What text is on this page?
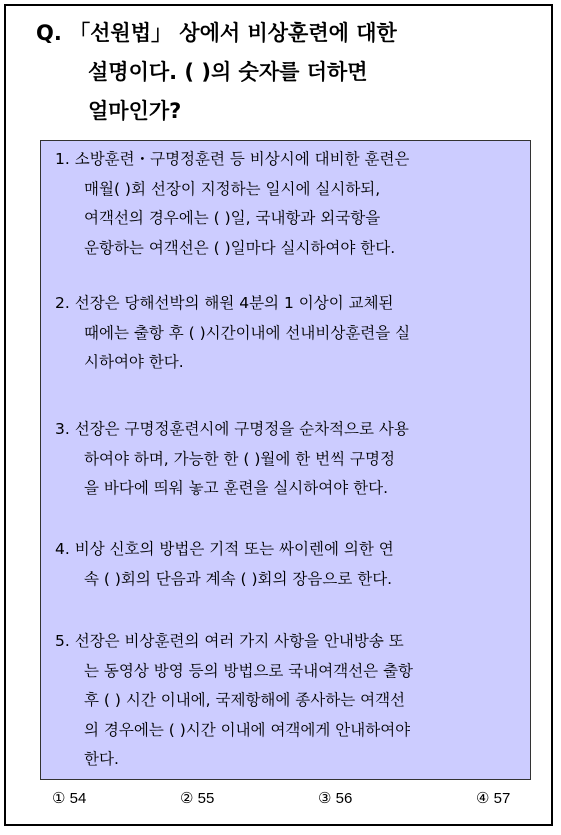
Q. 「선원법」 상에서 비상훈련에 대한
설명이다. ( )의 숫자를 더하면
얼마인가?
1. 소방훈련・구명정훈련 등 비상시에 대비한 훈련은
매월( )회 선장이 지정하는 일시에 실시하되,
여객선의 경우에는 ( )일, 국내항과 외국항을
운항하는 여객선은 ( )일마다 실시하여야 한다.
2. 선장은 당해선박의 해원 4분의 1 이상이 교체된
때에는 출항 후 ( )시간이내에 선내비상훈련을 실
시하여야 한다.
3. 선장은 구명정훈련시에 구명정을 순차적으로 사용
하여야 하며, 가능한 한 ( )월에 한 번씩 구명정
을 바다에 띄워 놓고 훈련을 실시하여야 한다.
4. 비상 신호의 방법은 기적 또는 싸이렌에 의한 연
속 ( )회의 단음과 계속 ( )회의 장음으로 한다.
5. 선장은 비상훈련의 여러 가지 사항을 안내방송 또
는 동영상 방영 등의 방법으로 국내여객선은 출항
후 ( ) 시간 이내에, 국제항해에 종사하는 여객선
의 경우에는 ( )시간 이내에 여객에게 안내하여야
한다.
① 54	② 55	③ 56	④ 57
